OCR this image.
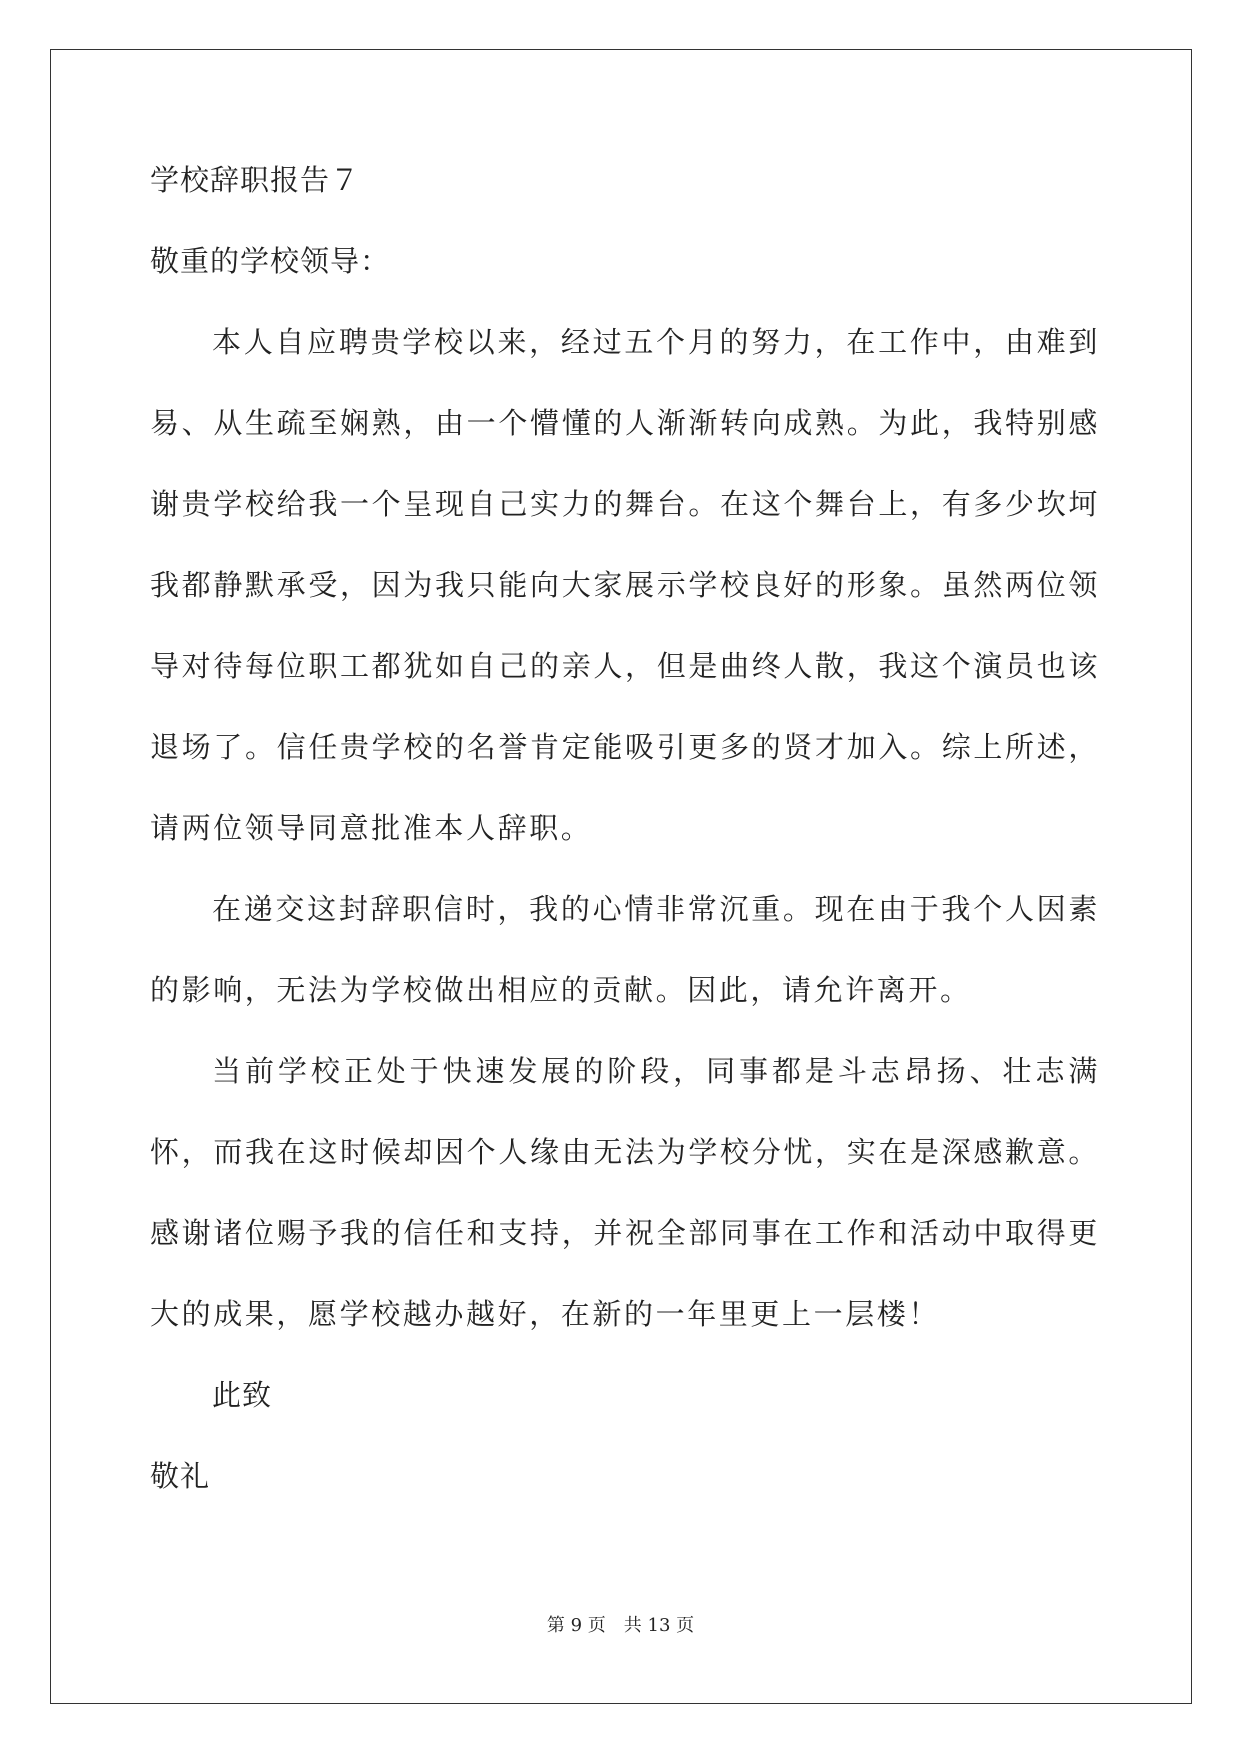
学校辞职报告７

敬重的学校领导：

本人自应聘贵学校以来，经过五个月的努力，在工作中，由难到易、从生疏至娴熟，由一个懵懂的人渐渐转向成熟。为此，我特别感谢贵学校给我一个呈现自己实力的舞台。在这个舞台上，有多少坎坷我都静默承受，因为我只能向大家展示学校良好的形象。虽然两位领导对待每位职工都犹如自己的亲人，但是曲终人散，我这个演员也该退场了。信任贵学校的名誉肯定能吸引更多的贤才加入。综上所述，请两位领导同意批准本人辞职。

在递交这封辞职信时，我的心情非常沉重。现在由于我个人因素的影响，无法为学校做出相应的贡献。因此，请允许离开。

当前学校正处于快速发展的阶段，同事都是斗志昂扬、壮志满怀，而我在这时候却因个人缘由无法为学校分忧，实在是深感歉意。感谢诸位赐予我的信任和支持，并祝全部同事在工作和活动中取得更大的成果，愿学校越办越好，在新的一年里更上一层楼！

此致

敬礼

第 9 页　共 13 页
